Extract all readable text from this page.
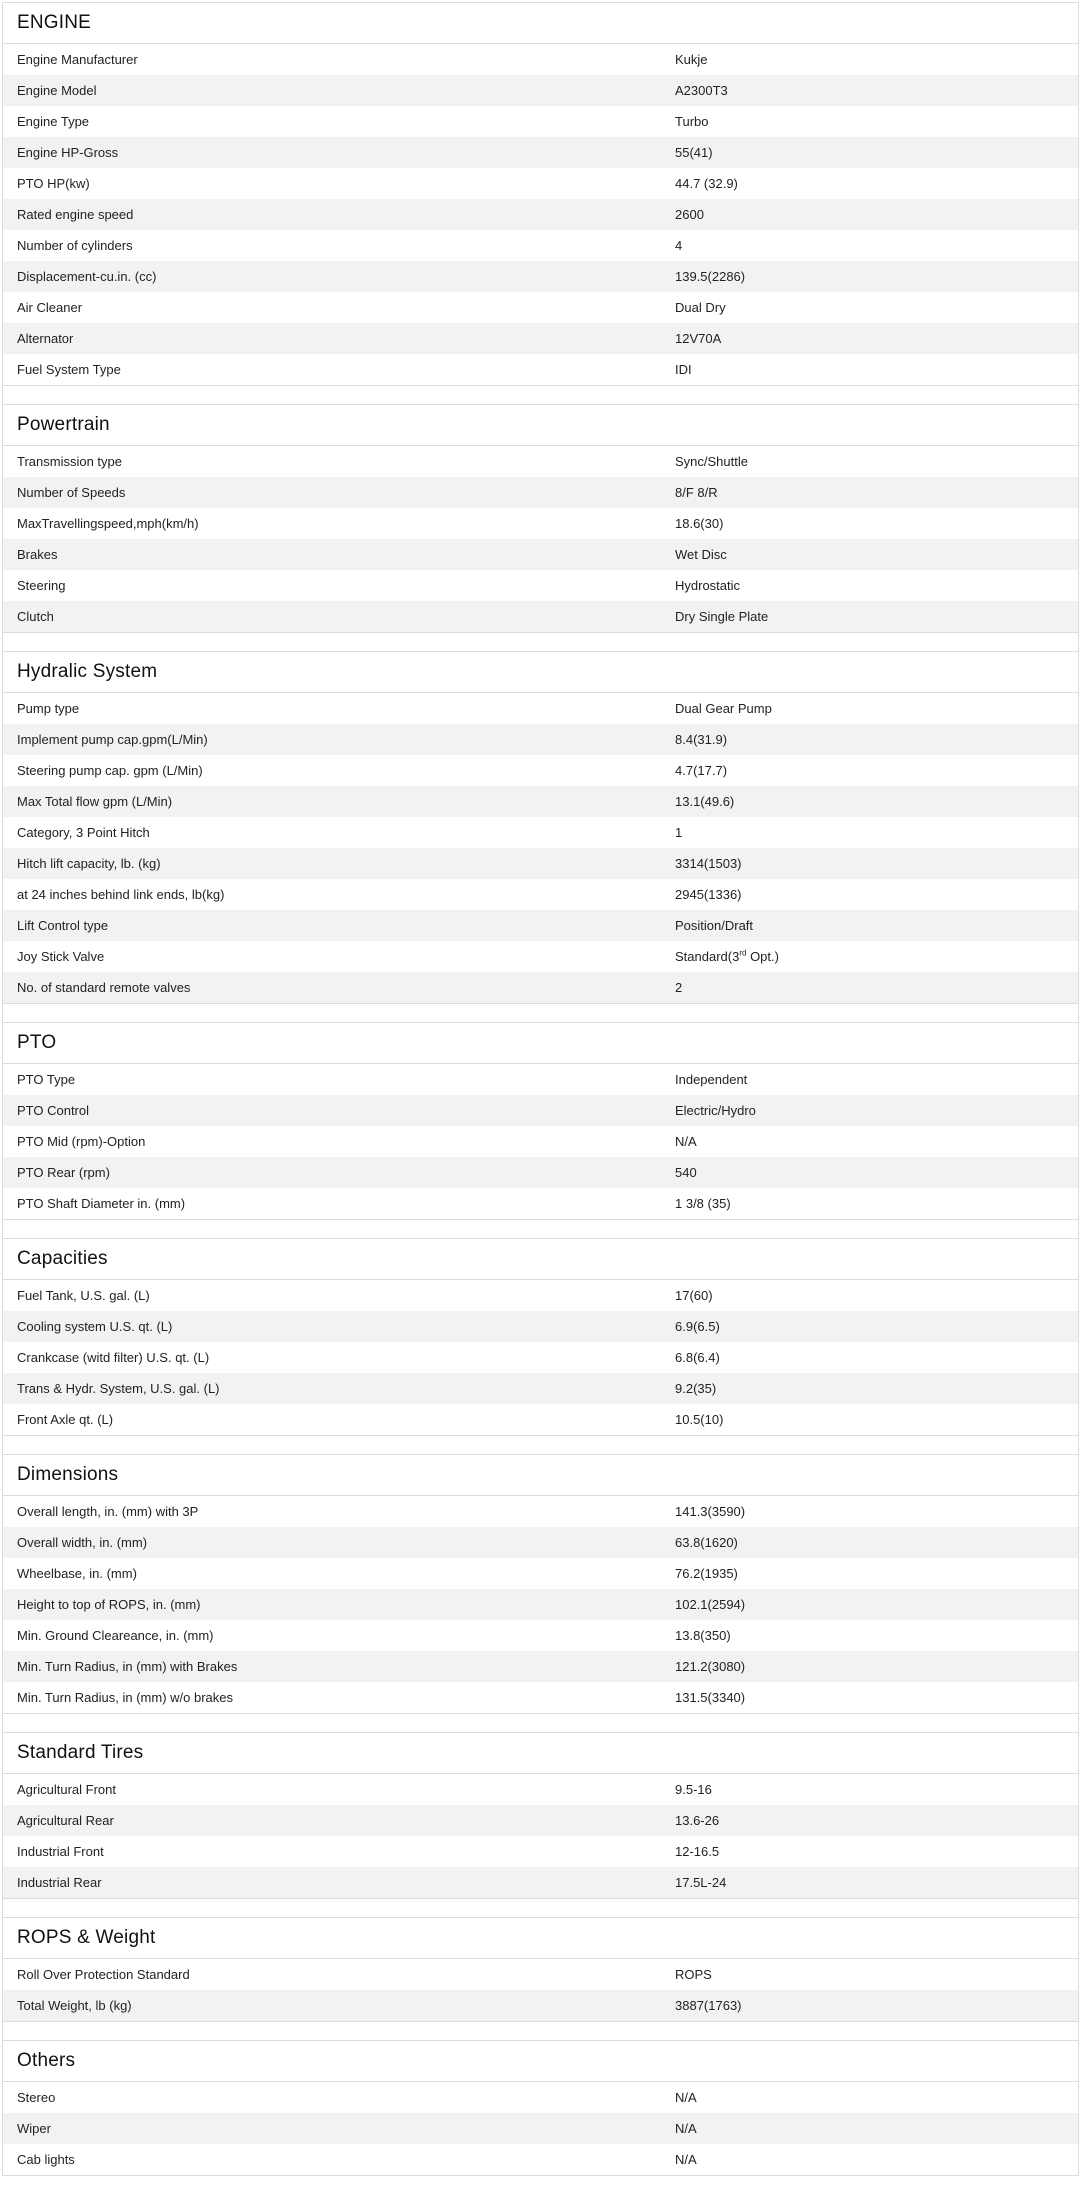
ENGINE
Engine Manufacturer	Kukje
Engine Model	A2300T3
Engine Type	Turbo
Engine HP-Gross	55(41)
PTO HP(kw)	44.7 (32.9)
Rated engine speed	2600
Number of cylinders	4
Displacement-cu.in. (cc)	139.5(2286)
Air Cleaner	Dual Dry
Alternator	12V70A
Fuel System Type	IDI
Powertrain
Transmission type	Sync/Shuttle
Number of Speeds	8/F 8/R
MaxTravellingspeed,mph(km/h)	18.6(30)
Brakes	Wet Disc
Steering	Hydrostatic
Clutch	Dry Single Plate
Hydralic System
Pump type	Dual Gear Pump
Implement pump cap.gpm(L/Min)	8.4(31.9)
Steering pump cap. gpm (L/Min)	4.7(17.7)
Max Total flow gpm (L/Min)	13.1(49.6)
Category, 3 Point Hitch	1
Hitch lift capacity, lb. (kg)	3314(1503)
at 24 inches behind link ends, lb(kg)	2945(1336)
Lift Control type	Position/Draft
Joy Stick Valve	Standard(3rd Opt.)
No. of standard remote valves	2
PTO
PTO Type	Independent
PTO Control	Electric/Hydro
PTO Mid (rpm)-Option	N/A
PTO Rear (rpm)	540
PTO Shaft Diameter in. (mm)	1 3/8 (35)
Capacities
Fuel Tank, U.S. gal. (L)	17(60)
Cooling system U.S. qt. (L)	6.9(6.5)
Crankcase (witd filter) U.S. qt. (L)	6.8(6.4)
Trans & Hydr. System, U.S. gal. (L)	9.2(35)
Front Axle qt. (L)	10.5(10)
Dimensions
Overall length, in. (mm) with 3P	141.3(3590)
Overall width, in. (mm)	63.8(1620)
Wheelbase, in. (mm)	76.2(1935)
Height to top of ROPS, in. (mm)	102.1(2594)
Min. Ground Cleareance, in. (mm)	13.8(350)
Min. Turn Radius, in (mm) with Brakes	121.2(3080)
Min. Turn Radius, in (mm) w/o brakes	131.5(3340)
Standard Tires
Agricultural Front	9.5-16
Agricultural Rear	13.6-26
Industrial Front	12-16.5
Industrial Rear	17.5L-24
ROPS & Weight
Roll Over Protection Standard	ROPS
Total Weight, lb (kg)	3887(1763)
Others
Stereo	N/A
Wiper	N/A
Cab lights	N/A
